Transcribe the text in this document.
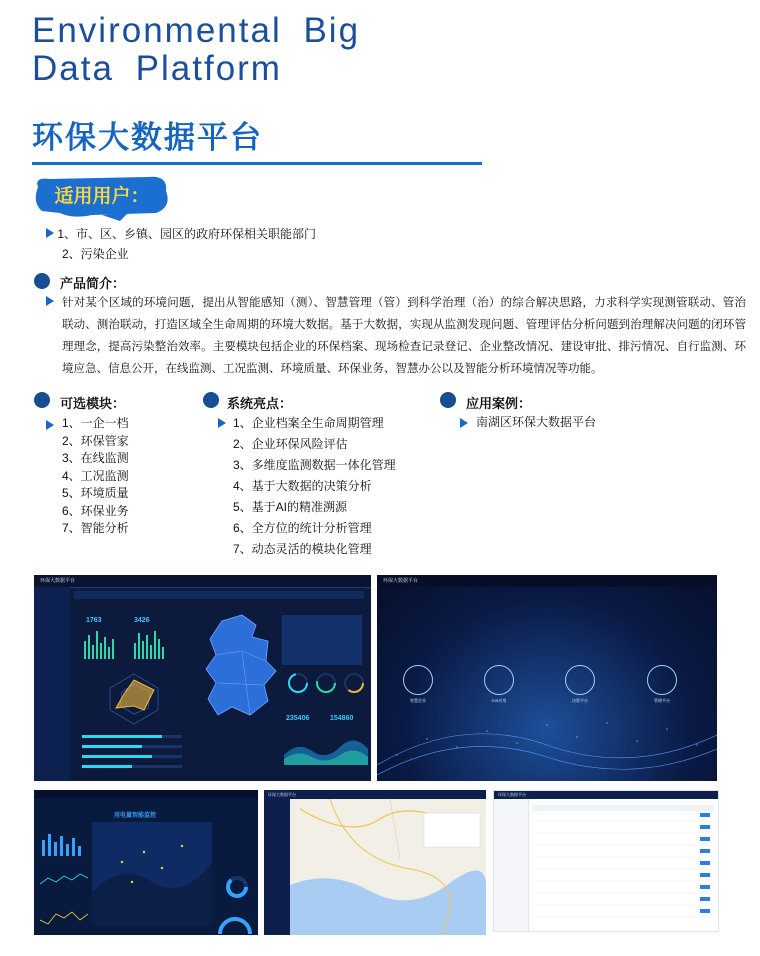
Environmental Big
Data Platform
环保大数据平台
适用用户：
1、市、区、乡镇、园区的政府环保相关职能部门
2、污染企业
产品简介：
针对某个区域的环境问题，提出从智能感知（测）、智慧管理（管）到科学治理（治）的综合解决思路，力求科学实现测管联动、管治联动、测治联动，打造区域全生命周期的环境大数据。基于大数据，实现从监测发现问题、管理评估分析问题到治理解决问题的闭环管理理念，提高污染整治效率。主要模块包括企业的环保档案、现场检查记录登记、企业整改情况、建设审批、排污情况、自行监测、环境应急、信息公开，在线监测、工况监测、环境质量、环保业务、智慧办公以及智能分析环境情况等功能。
可选模块：
1、一企一档
2、环保管家
3、在线监测
4、工况监测
5、环境质量
6、环保业务
7、智能分析
系统亮点：
1、企业档案全生命周期管理
2、企业环保风险评估
3、多维度监测数据一体化管理
4、基于大数据的决策分析
5、基于AI的精准溯源
6、全方位的统计分析管理
7、动态灵活的模块化管理
应用案例：
南湖区环保大数据平台
环保大数据平台
1763	3426
235406	154860
环保大数据平台
智慧企业	GIS应用	决策平台	管理平台
用电量智能监控
环保大数据平台	环保大数据平台
